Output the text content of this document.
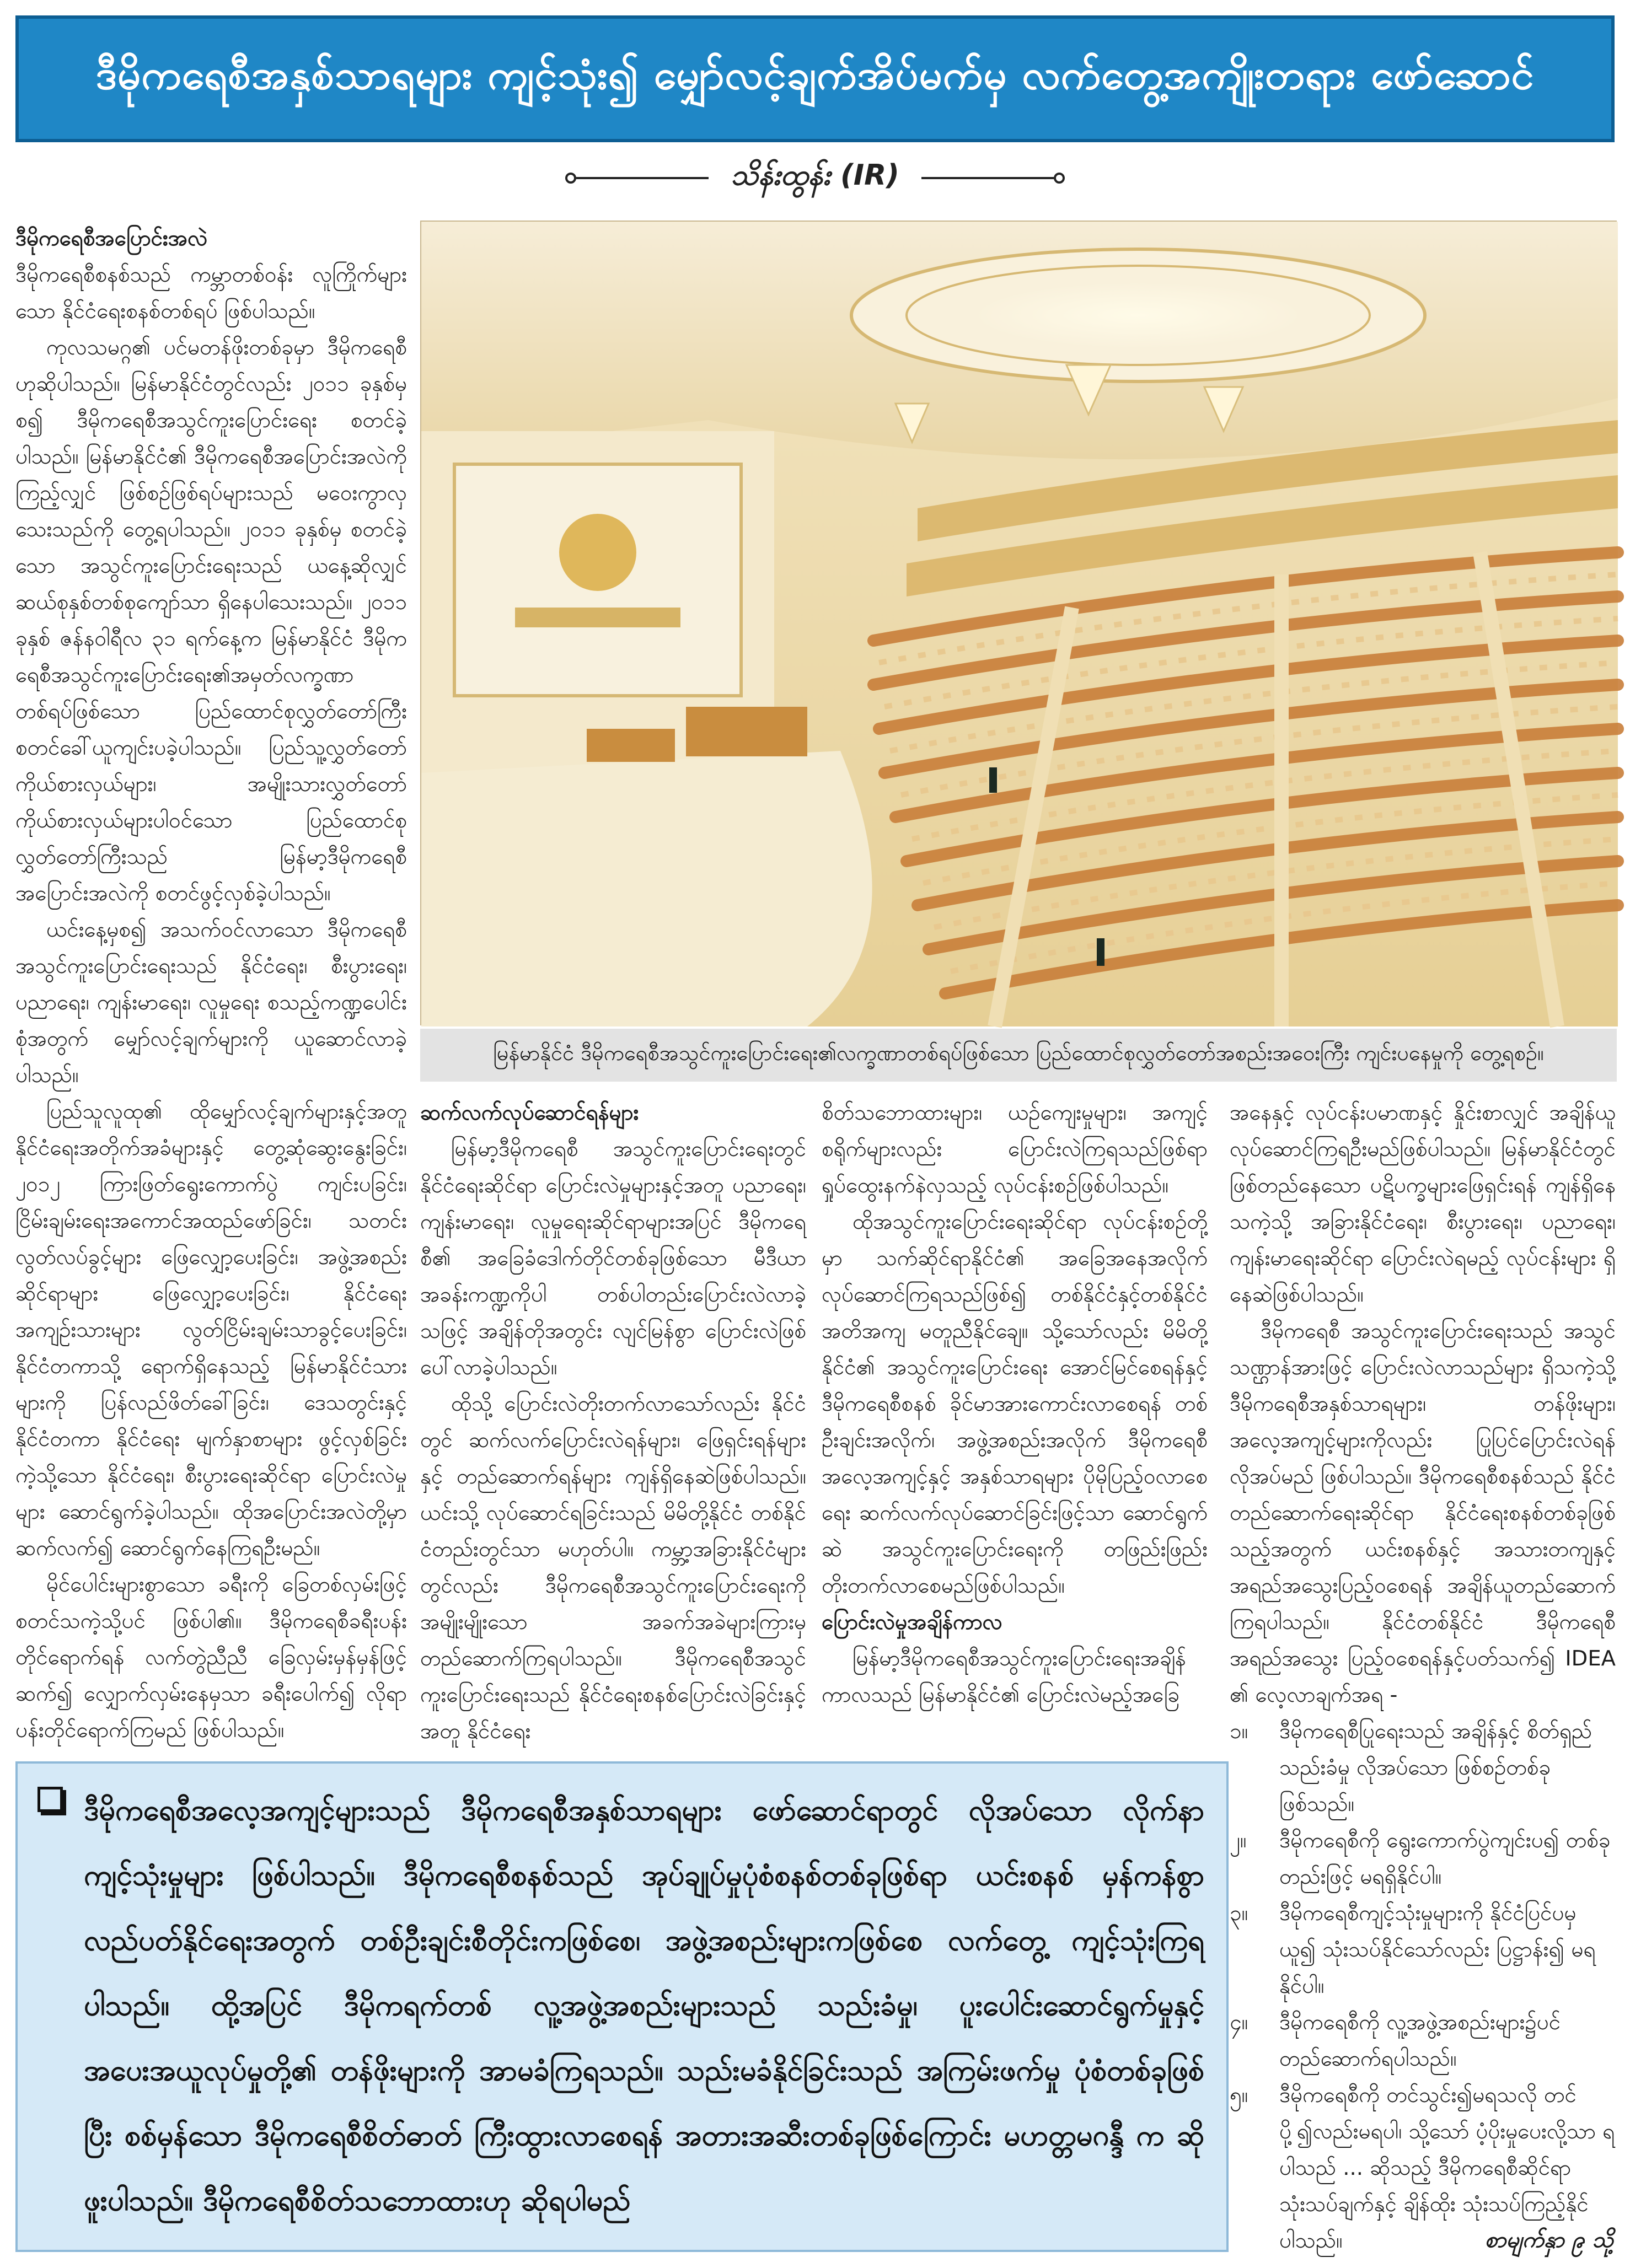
ဒီမိုကရေစီအနှစ်သာရများ ကျင့်သုံး၍ မျှော်လင့်ချက်အိပ်မက်မှ လက်တွေ့အကျိုးတရား ဖော်ဆောင်
သိန်းထွန်း (IR)

ဒီမိုကရေစီအပြောင်းအလဲ

ဒီမိုကရေစီစနစ်သည် ကမ္ဘာတစ်ဝန်း လူကြိုက်များသော နိုင်ငံရေးစနစ်တစ်ရပ် ဖြစ်ပါသည်။

ကုလသမဂ္ဂ၏ ပင်မတန်ဖိုးတစ်ခုမှာ ဒီမိုကရေစီဟုဆိုပါသည်။ မြန်မာနိုင်ငံတွင်လည်း ၂၀၁၁ ခုနှစ်မှစ၍ ဒီမိုကရေစီအသွင်ကူးပြောင်းရေး စတင်ခဲ့ပါသည်။ မြန်မာနိုင်ငံ၏ ဒီမိုကရေစီအပြောင်းအလဲကို ကြည့်လျှင် ဖြစ်စဉ်ဖြစ်ရပ်များသည် မဝေးကွာလှသေးသည်ကို တွေ့ရပါသည်။ ၂၀၁၁ ခုနှစ်မှ စတင်ခဲ့သော အသွင်ကူးပြောင်းရေးသည် ယနေ့ဆိုလျှင် ဆယ်စုနှစ်တစ်စုကျော်သာ ရှိနေပါသေးသည်။ ၂၀၁၁ ခုနှစ် ဇန်နဝါရီလ ၃၁ ရက်နေ့က မြန်မာနိုင်ငံ ဒီမိုကရေစီအသွင်ကူးပြောင်းရေး၏အမှတ်လက္ခဏာ တစ်ရပ်ဖြစ်သော ပြည်ထောင်စုလွှတ်တော်ကြီး စတင်ခေါ်ယူကျင်းပခဲ့ပါသည်။ ပြည်သူ့လွှတ်တော်ကိုယ်စားလှယ်များ၊ အမျိုးသားလွှတ်တော်ကိုယ်စားလှယ်များပါဝင်သော ပြည်ထောင်စုလွှတ်တော်ကြီးသည် မြန်မာ့ဒီမိုကရေစီ အပြောင်းအလဲကို စတင်ဖွင့်လှစ်ခဲ့ပါသည်။

ယင်းနေ့မှစ၍ အသက်ဝင်လာသော ဒီမိုကရေစီအသွင်ကူးပြောင်းရေးသည် နိုင်ငံရေး၊ စီးပွားရေး၊ ပညာရေး၊ ကျန်းမာရေး၊ လူမှုရေး စသည့်ကဏ္ဍပေါင်းစုံအတွက် မျှော်လင့်ချက်များကို ယူဆောင်လာခဲ့ပါသည်။

ပြည်သူလူထု၏ ထိုမျှော်လင့်ချက်များနှင့်အတူ နိုင်ငံရေးအတိုက်အခံများနှင့် တွေ့ဆုံဆွေးနွေးခြင်း၊ ၂၀၁၂ ကြားဖြတ်ရွေးကောက်ပွဲ ကျင်းပခြင်း၊ ငြိမ်းချမ်းရေးအကောင်အထည်ဖော်ခြင်း၊ သတင်းလွတ်လပ်ခွင့်များ ဖြေလျှော့ပေးခြင်း၊ အဖွဲ့အစည်းဆိုင်ရာများ ဖြေလျှော့ပေးခြင်း၊ နိုင်ငံရေးအကျဉ်းသားများ လွတ်ငြိမ်းချမ်းသာခွင့်ပေးခြင်း၊ နိုင်ငံတကာသို့ ရောက်ရှိနေသည့် မြန်မာနိုင်ငံသားများကို ပြန်လည်ဖိတ်ခေါ်ခြင်း၊ ဒေသတွင်းနှင့် နိုင်ငံတကာ နိုင်ငံရေး မျက်နှာစာများ ဖွင့်လှစ်ခြင်းကဲ့သို့သော နိုင်ငံရေး၊ စီးပွားရေးဆိုင်ရာ ပြောင်းလဲမှုများ ဆောင်ရွက်ခဲ့ပါသည်။ ထိုအပြောင်းအလဲတို့မှာ ဆက်လက်၍ ဆောင်ရွက်နေကြရဦးမည်။

မိုင်ပေါင်းများစွာသော ခရီးကို ခြေတစ်လှမ်းဖြင့် စတင်သကဲ့သို့ပင် ဖြစ်ပါ၏။ ဒီမိုကရေစီခရီးပန်းတိုင်ရောက်ရန် လက်တွဲညီညီ ခြေလှမ်းမှန်မှန်ဖြင့် ဆက်၍ လျှောက်လှမ်းနေမှသာ ခရီးပေါက်၍ လိုရာပန်းတိုင်ရောက်ကြမည် ဖြစ်ပါသည်။

မြန်မာနိုင်ငံ ဒီမိုကရေစီအသွင်ကူးပြောင်းရေး၏လက္ခဏာတစ်ရပ်ဖြစ်သော ပြည်ထောင်စုလွှတ်တော်အစည်းအဝေးကြီး ကျင်းပနေမှုကို တွေ့ရစဉ်။

ဆက်လက်လုပ်ဆောင်ရန်များ

မြန်မာ့ဒီမိုကရေစီ အသွင်ကူးပြောင်းရေးတွင် နိုင်ငံရေးဆိုင်ရာ ပြောင်းလဲမှုများနှင့်အတူ ပညာရေး၊ ကျန်းမာရေး၊ လူမှုရေးဆိုင်ရာများအပြင် ဒီမိုကရေစီ၏ အခြေခံဒေါက်တိုင်တစ်ခုဖြစ်သော မီဒီယာအခန်းကဏ္ဍကိုပါ တစ်ပါတည်းပြောင်းလဲလာခဲ့သဖြင့် အချိန်တိုအတွင်း လျင်မြန်စွာ ပြောင်းလဲဖြစ်ပေါ်လာခဲ့ပါသည်။

ထိုသို့ ပြောင်းလဲတိုးတက်လာသော်လည်း နိုင်ငံတွင် ဆက်လက်ပြောင်းလဲရန်များ၊ ဖြေရှင်းရန်များနှင့် တည်ဆောက်ရန်များ ကျန်ရှိနေဆဲဖြစ်ပါသည်။ ယင်းသို့ လုပ်ဆောင်ရခြင်းသည် မိမိတို့နိုင်ငံ တစ်နိုင်ငံတည်းတွင်သာ မဟုတ်ပါ။ ကမ္ဘာ့အခြားနိုင်ငံများတွင်လည်း ဒီမိုကရေစီအသွင်ကူးပြောင်းရေးကို အမျိုးမျိုးသော အခက်အခဲများကြားမှ တည်ဆောက်ကြရပါသည်။ ဒီမိုကရေစီအသွင်ကူးပြောင်းရေးသည် နိုင်ငံရေးစနစ်ပြောင်းလဲခြင်းနှင့်အတူ နိုင်ငံရေး

စိတ်သဘောထားများ၊ ယဉ်ကျေးမှုများ၊ အကျင့်စရိုက်များလည်း ပြောင်းလဲကြရသည်ဖြစ်ရာ ရှုပ်ထွေးနက်နဲလှသည့် လုပ်ငန်းစဉ်ဖြစ်ပါသည်။

ထိုအသွင်ကူးပြောင်းရေးဆိုင်ရာ လုပ်ငန်းစဉ်တို့မှာ သက်ဆိုင်ရာနိုင်ငံ၏ အခြေအနေအလိုက် လုပ်ဆောင်ကြရသည်ဖြစ်၍ တစ်နိုင်ငံနှင့်တစ်နိုင်ငံ အတိအကျ မတူညီနိုင်ချေ။ သို့သော်လည်း မိမိတို့နိုင်ငံ၏ အသွင်ကူးပြောင်းရေး အောင်မြင်စေရန်နှင့် ဒီမိုကရေစီစနစ် ခိုင်မာအားကောင်းလာစေရန် တစ်ဦးချင်းအလိုက်၊ အဖွဲ့အစည်းအလိုက် ဒီမိုကရေစီ အလေ့အကျင့်နှင့် အနှစ်သာရများ ပိုမိုပြည့်ဝလာစေရေး ဆက်လက်လုပ်ဆောင်ခြင်းဖြင့်သာ ဆောင်ရွက်ဆဲ အသွင်ကူးပြောင်းရေးကို တဖြည်းဖြည်း တိုးတက်လာစေမည်ဖြစ်ပါသည်။

ပြောင်းလဲမှုအချိန်ကာလ

မြန်မာ့ဒီမိုကရေစီအသွင်ကူးပြောင်းရေးအချိန်ကာလသည် မြန်မာနိုင်ငံ၏ ပြောင်းလဲမည့်အခြေ

အနေနှင့် လုပ်ငန်းပမာဏနှင့် နှိုင်းစာလျှင် အချိန်ယူလုပ်ဆောင်ကြရဦးမည်ဖြစ်ပါသည်။ မြန်မာနိုင်ငံတွင် ဖြစ်တည်နေသော ပဋိပက္ခများဖြေရှင်းရန် ကျန်ရှိနေသကဲ့သို့ အခြားနိုင်ငံရေး၊ စီးပွားရေး၊ ပညာရေး၊ ကျန်းမာရေးဆိုင်ရာ ပြောင်းလဲရမည့် လုပ်ငန်းများ ရှိနေဆဲဖြစ်ပါသည်။

ဒီမိုကရေစီ အသွင်ကူးပြောင်းရေးသည် အသွင်သဏ္ဌာန်အားဖြင့် ပြောင်းလဲလာသည်များ ရှိသကဲ့သို့ ဒီမိုကရေစီအနှစ်သာရများ၊ တန်ဖိုးများ၊ အလေ့အကျင့်များကိုလည်း ပြုပြင်ပြောင်းလဲရန် လိုအပ်မည် ဖြစ်ပါသည်။ ဒီမိုကရေစီစနစ်သည် နိုင်ငံတည်ဆောက်ရေးဆိုင်ရာ နိုင်ငံရေးစနစ်တစ်ခုဖြစ်သည့်အတွက် ယင်းစနစ်နှင့် အသားတကျနှင့် အရည်အသွေးပြည့်ဝစေရန် အချိန်ယူတည်ဆောက်ကြရပါသည်။ နိုင်ငံတစ်နိုင်ငံ ဒီမိုကရေစီအရည်အသွေး ပြည့်ဝစေရန်နှင့်ပတ်သက်၍ IDEA ၏ လေ့လာချက်အရ -

၁။ ဒီမိုကရေစီပြုရေးသည် အချိန်နှင့် စိတ်ရှည်သည်းခံမှု လိုအပ်သော ဖြစ်စဉ်တစ်ခု ဖြစ်သည်။
၂။ ဒီမိုကရေစီကို ရွေးကောက်ပွဲကျင်းပ၍ တစ်ခုတည်းဖြင့် မရရှိနိုင်ပါ။
၃။ ဒီမိုကရေစီကျင့်သုံးမှုများကို နိုင်ငံပြင်ပမှ ယူ၍ သုံးသပ်နိုင်သော်လည်း ပြဋ္ဌာန်း၍ မရနိုင်ပါ။
၄။ ဒီမိုကရေစီကို လူ့အဖွဲ့အစည်းများ၌ပင် တည်ဆောက်ရပါသည်။
၅။ ဒီမိုကရေစီကို တင်သွင်း၍မရသလို တင်ပို့၍လည်းမရပါ၊ သို့သော် ပံ့ပိုးမှုပေးလို့သာ ရပါသည် ... ဆိုသည့် ဒီမိုကရေစီဆိုင်ရာ သုံးသပ်ချက်နှင့် ချိန်ထိုး သုံးသပ်ကြည့်နိုင်ပါသည်။	စာမျက်နှာ ၉ သို့
ဒီမိုကရေစီအလေ့အကျင့်များသည် ဒီမိုကရေစီအနှစ်သာရများ ဖော်ဆောင်ရာတွင် လိုအပ်သော လိုက်နာကျင့်သုံးမှုများ ဖြစ်ပါသည်။ ဒီမိုကရေစီစနစ်သည် အုပ်ချုပ်မှုပုံစံစနစ်တစ်ခုဖြစ်ရာ ယင်းစနစ် မှန်ကန်စွာလည်ပတ်နိုင်ရေးအတွက် တစ်ဦးချင်းစီတိုင်းကဖြစ်စေ၊ အဖွဲ့အစည်းများကဖြစ်စေ လက်တွေ့ ကျင့်သုံးကြရပါသည်။ ထို့အပြင် ဒီမိုကရက်တစ် လူ့အဖွဲ့အစည်းများသည် သည်းခံမှု၊ ပူးပေါင်းဆောင်ရွက်မှုနှင့် အပေးအယူလုပ်မှုတို့၏ တန်ဖိုးများကို အာမခံကြရသည်။ သည်းမခံနိုင်ခြင်းသည် အကြမ်းဖက်မှု ပုံစံတစ်ခုဖြစ်ပြီး စစ်မှန်သော ဒီမိုကရေစီစိတ်ဓာတ် ကြီးထွားလာစေရန် အတားအဆီးတစ်ခုဖြစ်ကြောင်း မဟတ္တမဂန္ဒီ က ဆိုဖူးပါသည်။ ဒီမိုကရေစီစိတ်သဘောထားဟု ဆိုရပါမည်
